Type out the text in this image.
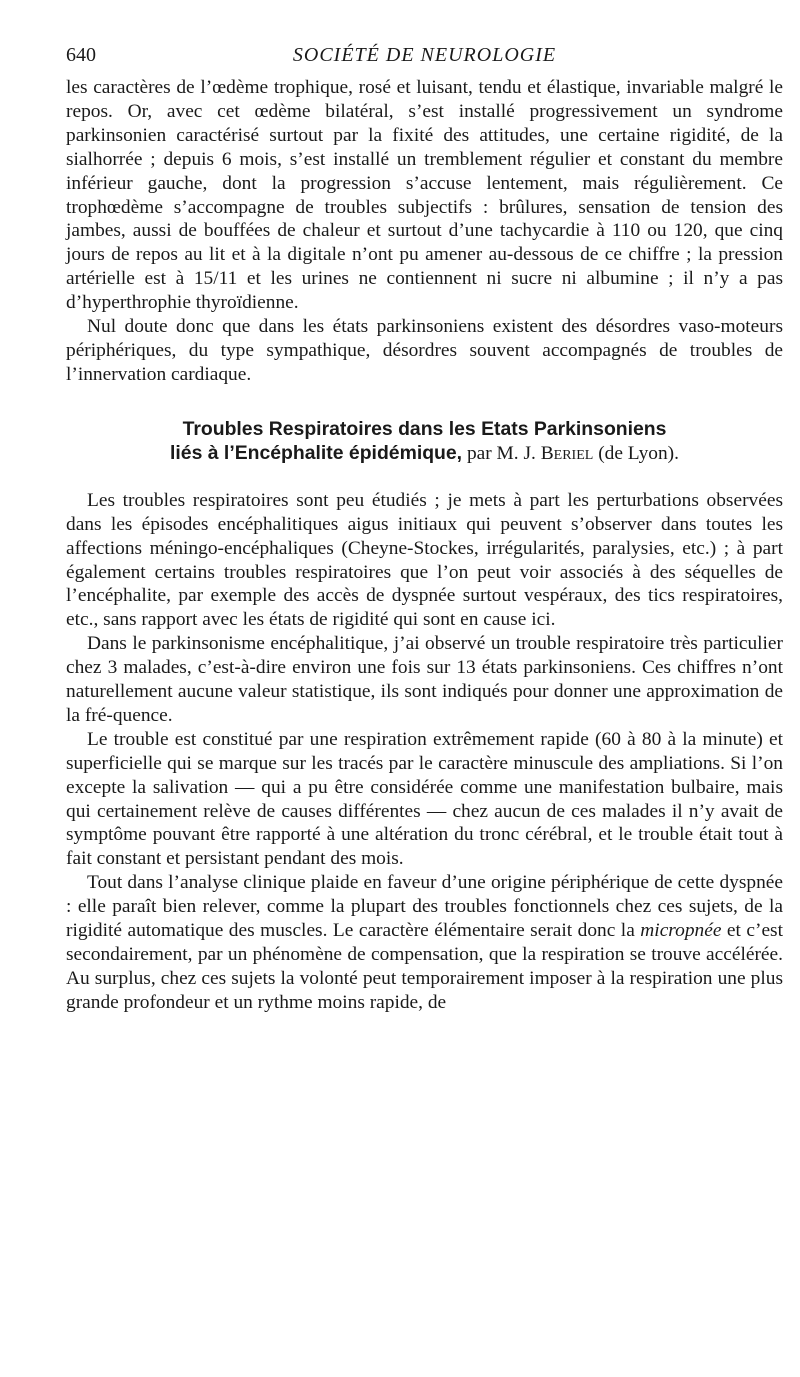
640	SOCIÉTÉ DE NEUROLOGIE

les caractères de l’œdème trophique, rosé et luisant, tendu et élastique, invariable malgré le repos. Or, avec cet œdème bilatéral, s’est installé progressivement un syndrome parkinsonien caractérisé surtout par la fixité des attitudes, une certaine rigidité, de la sialhorrée ; depuis 6 mois, s’est installé un tremblement régulier et constant du membre inférieur gauche, dont la progression s’accuse lentement, mais régulièrement. Ce trophœdème s’accompagne de troubles subjectifs : brûlures, sensation de tension des jambes, aussi de bouffées de chaleur et surtout d’une tachycardie à 110 ou 120, que cinq jours de repos au lit et à la digitale n’ont pu amener au-dessous de ce chiffre ; la pression artérielle est à 15/11 et les urines ne contiennent ni sucre ni albumine ; il n’y a pas d’hyperthrophie thyroïdienne.

Nul doute donc que dans les états parkinsoniens existent des désordres vaso-moteurs périphériques, du type sympathique, désordres souvent accompagnés de troubles de l’innervation cardiaque.

Troubles Respiratoires dans les Etats Parkinsoniens
liés à l’Encéphalite épidémique, par M. J. Beriel (de Lyon).

Les troubles respiratoires sont peu étudiés ; je mets à part les perturbations observées dans les épisodes encéphalitiques aigus initiaux qui peuvent s’observer dans toutes les affections méningo-encéphaliques (Cheyne-Stockes, irrégularités, paralysies, etc.) ; à part également certains troubles respiratoires que l’on peut voir associés à des séquelles de l’encéphalite, par exemple des accès de dyspnée surtout vespéraux, des tics respiratoires, etc., sans rapport avec les états de rigidité qui sont en cause ici.

Dans le parkinsonisme encéphalitique, j’ai observé un trouble respiratoire très particulier chez 3 malades, c’est-à-dire environ une fois sur 13 états parkinsoniens. Ces chiffres n’ont naturellement aucune valeur statistique, ils sont indiqués pour donner une approximation de la fré-quence.

Le trouble est constitué par une respiration extrêmement rapide (60 à 80 à la minute) et superficielle qui se marque sur les tracés par le caractère minuscule des ampliations. Si l’on excepte la salivation — qui a pu être considérée comme une manifestation bulbaire, mais qui certainement relève de causes différentes — chez aucun de ces malades il n’y avait de symptôme pouvant être rapporté à une altération du tronc cérébral, et le trouble était tout à fait constant et persistant pendant des mois.

Tout dans l’analyse clinique plaide en faveur d’une origine périphérique de cette dyspnée : elle paraît bien relever, comme la plupart des troubles fonctionnels chez ces sujets, de la rigidité automatique des muscles. Le caractère élémentaire serait donc la micropnée et c’est secondairement, par un phénomène de compensation, que la respiration se trouve accélérée. Au surplus, chez ces sujets la volonté peut temporairement imposer à la respiration une plus grande profondeur et un rythme moins rapide, de
